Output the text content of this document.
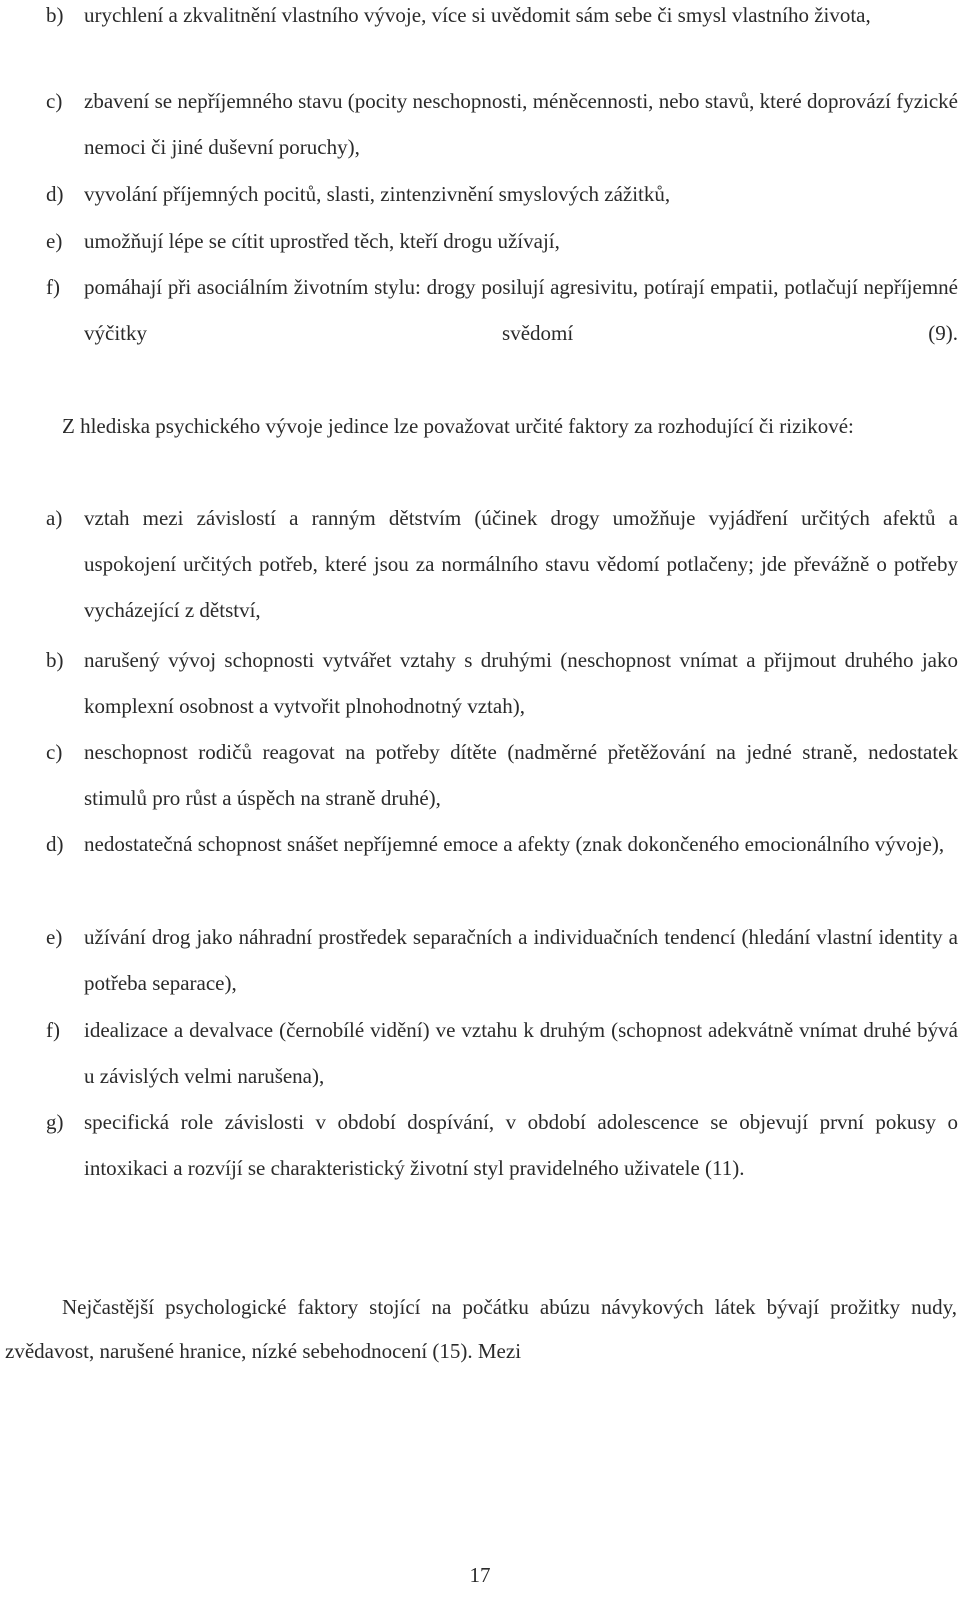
b) urychlení a zkvalitnění vlastního vývoje, více si uvědomit sám sebe či smysl vlastního života,
c)	zbavení se nepříjemného stavu (pocity neschopnosti, méněcennosti, nebo stavů, které doprovází fyzické nemoci či jiné duševní poruchy),
d) vyvolání příjemných pocitů, slasti, zintenzivnění smyslových zážitků,
e)	umožňují lépe se cítit uprostřed těch, kteří drogu užívají,
f)	pomáhají při asociálním životním stylu: drogy posilují agresivitu, potírají empatii, potlačují nepříjemné výčitky svědomí (9).
Z hlediska psychického vývoje jedince lze považovat určité faktory za rozhodující či rizikové:
a)	vztah mezi závislostí a ranným dětstvím (účinek drogy umožňuje vyjádření určitých afektů a uspokojení určitých potřeb, které jsou za normálního stavu vědomí potlačeny; jde převážně o potřeby vycházející z dětství,
b) narušený vývoj schopnosti vytvářet vztahy s druhými (neschopnost vnímat a přijmout druhého jako komplexní osobnost a vytvořit plnohodnotný vztah),
c)	neschopnost rodičů reagovat na potřeby dítěte (nadměrné přetěžování na jedné straně, nedostatek stimulů pro růst a úspěch na straně druhé),
d) nedostatečná schopnost snášet nepříjemné emoce a afekty (znak dokončeného emocionálního vývoje),
e)	užívání drog jako náhradní prostředek separačních a individuačních tendencí (hledání vlastní identity a potřeba separace),
f)	idealizace a devalvace (černobílé vidění) ve vztahu k druhým (schopnost adekvátně vnímat druhé bývá u závislých velmi narušena),
g) specifická role závislosti v období dospívání, v období adolescence se objevují první pokusy o intoxikaci a rozvíjí se charakteristický životní styl pravidelného uživatele (11).
Nejčastější psychologické faktory stojící na počátku abúzu návykových látek bývají prožitky nudy, zvědavost, narušené hranice, nízké sebehodnocení (15). Mezi
17
